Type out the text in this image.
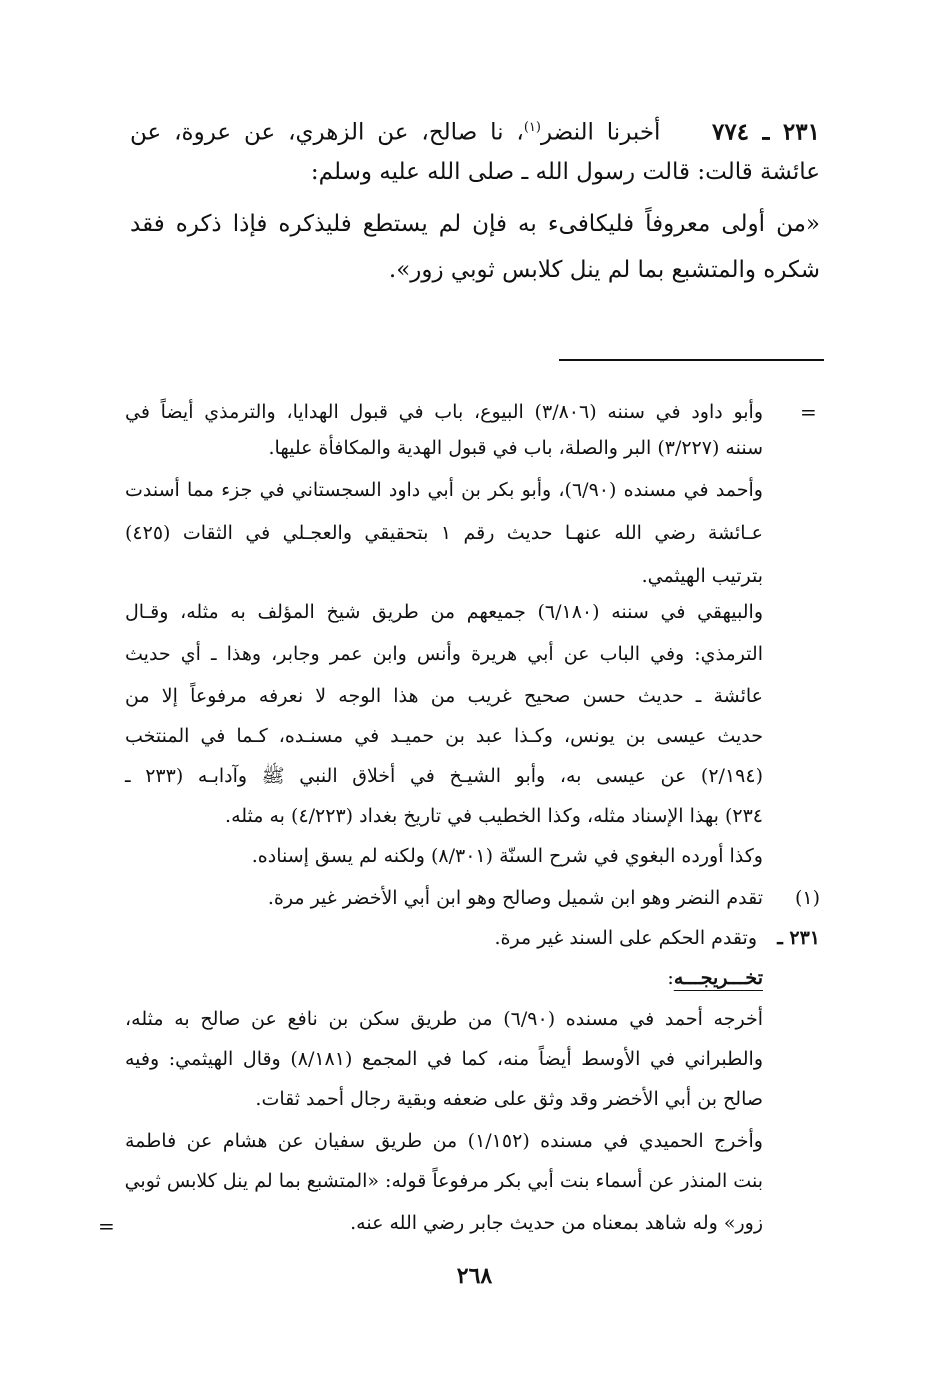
٢٣١ ـ ٧٧٤    أخبرنا النضر$^{(١)}$، نا صالح، عن الزهري، عن عروة، عن
عائشة قالت: قالت رسول الله ـ صلى الله عليه وسلم:
«من أولى معروفاً فليكافىء به فإن لم يستطع فليذكره فإذا ذكره فقد
شكره والمتشبع بما لم ينل كلابس ثوبي زور».
=
وأبو داود في سننه (٣/٨٠٦) البيوع، باب في قبول الهدايا، والترمذي أيضاً في
سننه (٣/٢٢٧) البر والصلة، باب في قبول الهدية والمكافأة عليها.
وأحمد في مسنده (٦/٩٠)، وأبو بكر بن أبي داود السجستاني في جزء مما أسندت
عـائشة رضي الله عنهـا حديث رقم ١ بتحقيقي والعجـلي في الثقات (٤٢٥)
بترتيب الهيثمي.
والبيهقي في سننه (٦/١٨٠) جميعهم من طريق شيخ المؤلف به مثله، وقـال
الترمذي: وفي الباب عن أبي هريرة وأنس وابن عمر وجابر، وهذا ـ أي حديث
عائشة ـ حديث حسن صحيح غريب من هذا الوجه لا نعرفه مرفوعاً إلا من
حديث عيسى بن يونس، وكـذا عبد بن حميـد في مسنـده، كـما في المنتخب
(٢/١٩٤) عن عيسى به، وأبو الشيـخ في أخلاق النبي ﷺ وآدابـه (٢٣٣ ـ
٢٣٤) بهذا الإسناد مثله، وكذا الخطيب في تاريخ بغداد (٤/٢٢٣) به مثله.
وكذا أورده البغوي في شرح السنّة (٨/٣٠١) ولكنه لم يسق إسناده.
(١)
تقدم النضر وهو ابن شميل وصالح وهو ابن أبي الأخضر غير مرة.
٢٣١ ـ
وتقدم الحكم على السند غير مرة.
تخـــريجـــه:
أخرجه أحمد في مسنده (٦/٩٠) من طريق سكن بن نافع عن صالح به مثله،
والطبراني في الأوسط أيضاً منه، كما في المجمع (٨/١٨١) وقال الهيثمي: وفيه
صالح بن أبي الأخضر وقد وثق على ضعفه وبقية رجال أحمد ثقات.
وأخرج الحميدي في مسنده (١/١٥٢) من طريق سفيان عن هشام عن فاطمة
بنت المنذر عن أسماء بنت أبي بكر مرفوعاً قوله: «المتشبع بما لم ينل كلابس ثوبي
زور» وله شاهد بمعناه من حديث جابر رضي الله عنه.
=
٢٦٨
